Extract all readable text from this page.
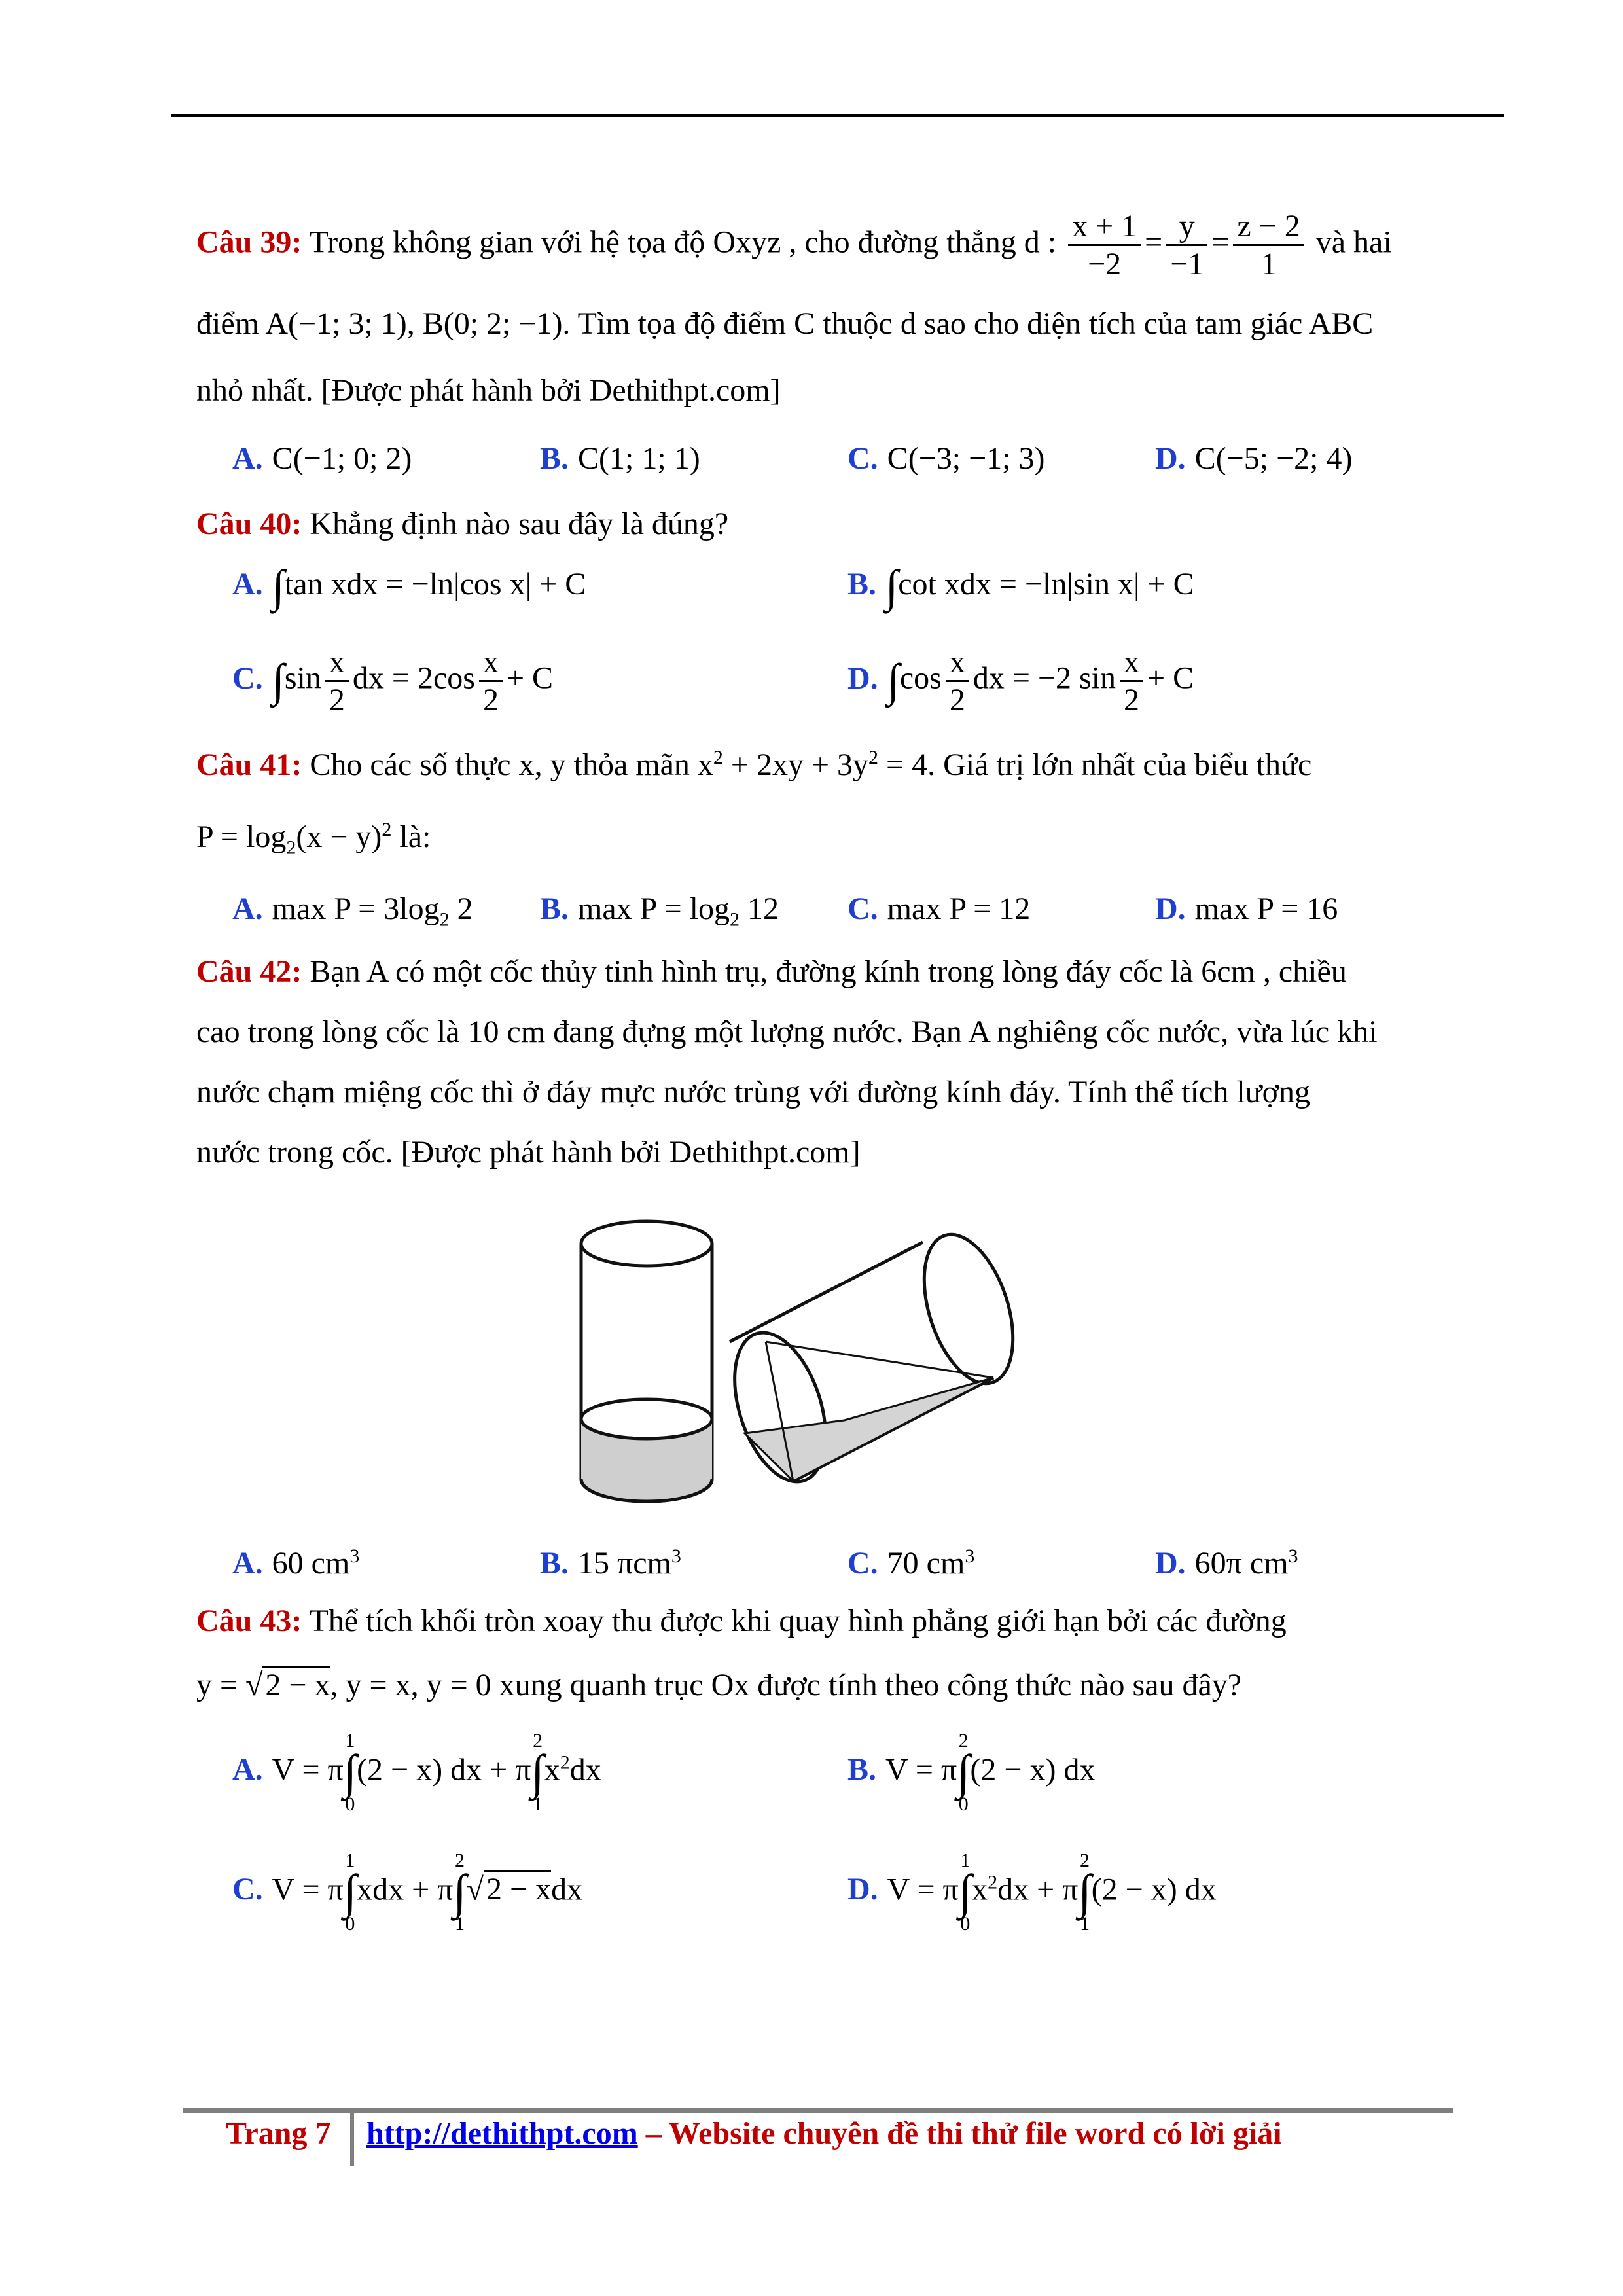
Câu 39: Trong không gian với hệ tọa độ Oxyz , cho đường thẳng d : $\frac{x + 1}{-2} = \frac{y}{-1} = \frac{z - 2}{1}$ và hai
điểm A(−1; 3; 1), B(0; 2; −1). Tìm tọa độ điểm C thuộc d sao cho diện tích của tam giác ABC
nhỏ nhất. [Được phát hành bởi Dethithpt.com]
A. C(−1; 0; 2)	B. C(1; 1; 1)	C. C(−3; −1; 3)	D. C(−5; −2; 4)
Câu 40: Khẳng định nào sau đây là đúng?
A. ∫tan xdx = −ln|cos x| + C	B. ∫cot xdx = −ln|sin x| + C
C. $\int\sin \frac{x}{2}$ dx = $2\cos \frac{x}{2} + C$	D. $\int\cos \frac{x}{2}$ dx = −2 $\sin \frac{x}{2} + C$
Câu 41: Cho các số thực x, y thỏa mãn $x^2 + 2xy + 3y^2 = 4$. Giá trị lớn nhất của biểu thức
$P = \log_2(x - y)^2$ là:
A. $\max P = 3\log_2$ 2 B. $\max P = \log_2 12$ C. max P = 12	D. max P = 16
Câu 42: Bạn A có một cốc thủy tinh hình trụ, đường kính trong lòng đáy cốc là 6cm , chiều
cao trong lòng cốc là 10 cm đang đựng một lượng nước. Bạn A nghiêng cốc nước, vừa lúc khi
nước chạm miệng cốc thì ở đáy mực nước trùng với đường kính đáy. Tính thể tích lượng
nước trong cốc. [Được phát hành bởi Dethithpt.com]
A. 60 $cm^3$	B. 15 πcm$^3$	C. 70 $cm^3$	D. 60π $cm^3$
Câu 43: Thể tích khối tròn xoay thu được khi quay hình phẳng giới hạn bởi các đường
y = √2 − x, y = x, y = 0 xung quanh trục Ox được tính theo công thức nào sau đây?
A. V = π
1
∫
0
(2 − x) dx + π
2
∫
1
$x^2dx$	B. V = π
2
∫
0
(2 − x) dx
C. V = π
1
∫
0
xdx + π
2
∫
1
√2 − xdx	D. V = π
1
∫
0
$x^2dx + \pi$
2
∫
1
(2 − x) dx
Trang 7 http://dethithpt.com – Website chuyên đề thi thử file word có lời giải
